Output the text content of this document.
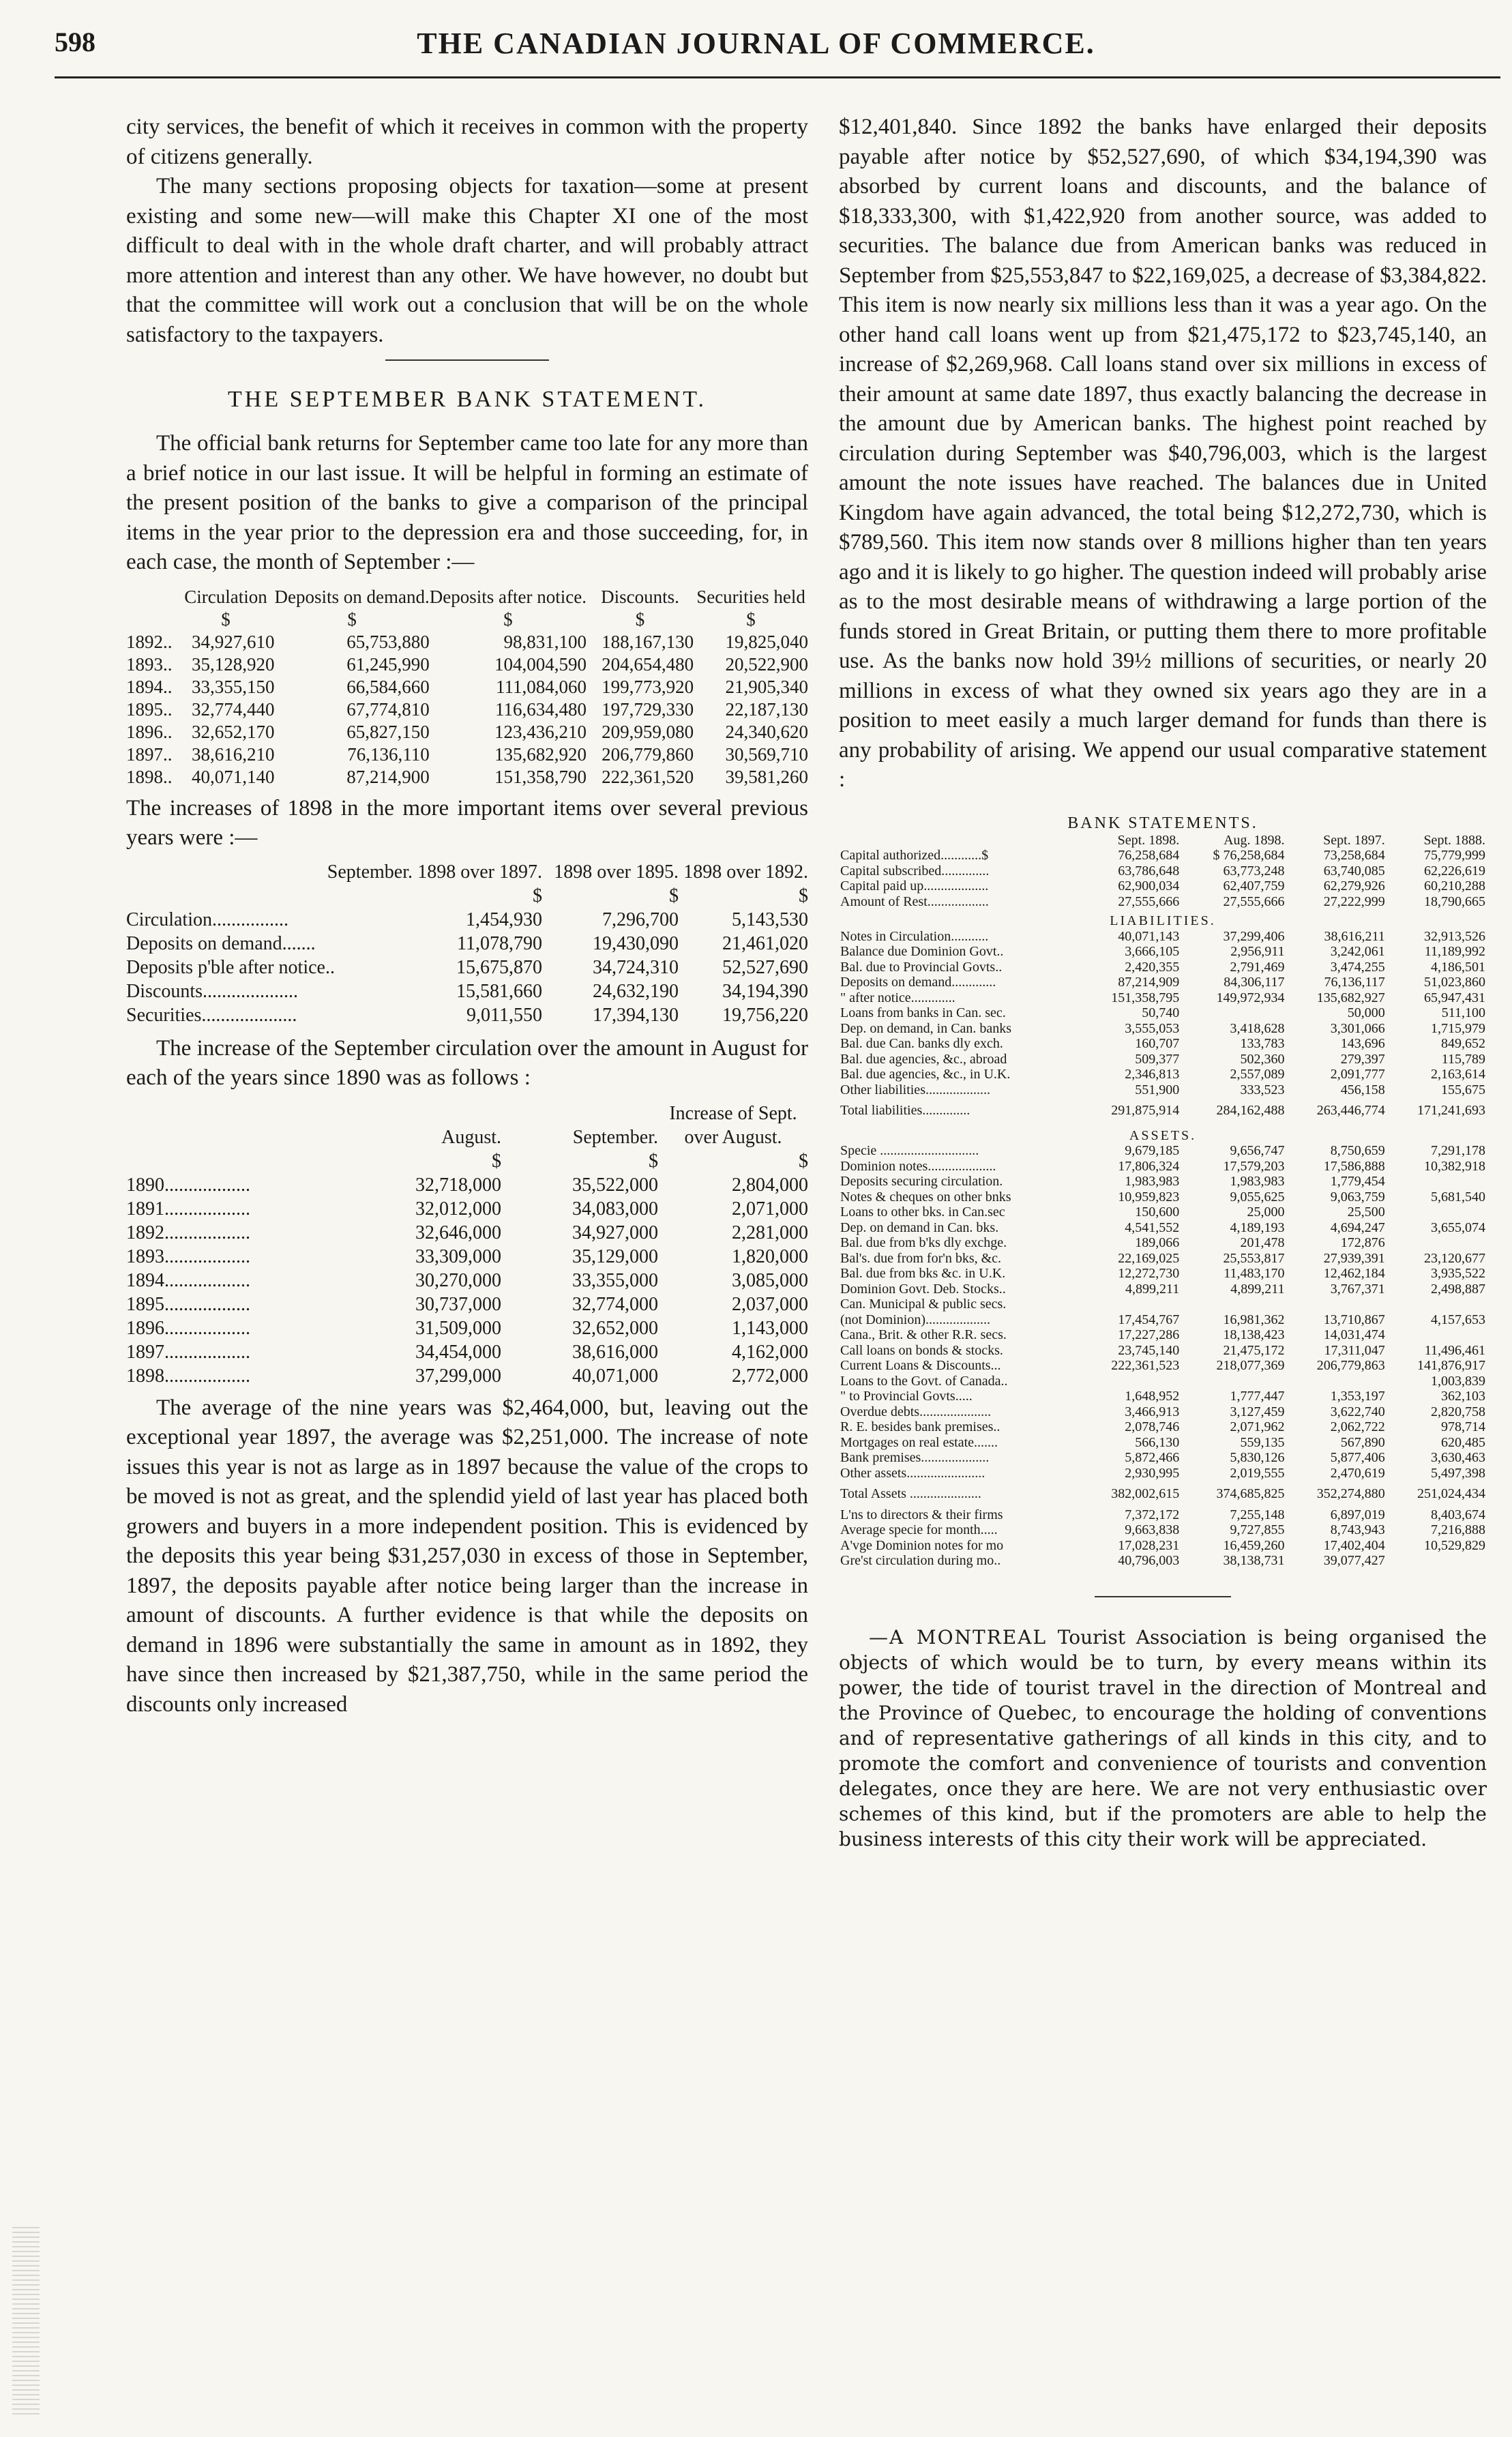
598	THE CANADIAN JOURNAL OF COMMERCE.

city services, the benefit of which it receives in common with the property of citizens generally.

The many sections proposing objects for taxation—some at present existing and some new—will make this Chapter XI one of the most difficult to deal with in the whole draft charter, and will probably attract more attention and interest than any other. We have however, no doubt but that the committee will work out a conclusion that will be on the whole satisfactory to the taxpayers.

THE SEPTEMBER BANK STATEMENT.

The official bank returns for September came too late for any more than a brief notice in our last issue. It will be helpful in forming an estimate of the present position of the banks to give a comparison of the principal items in the year prior to the depression era and those succeeding, for, in each case, the month of September :—

	Circulation	Deposits on demand.	Deposits after notice.	Discounts.	Securities held
	$	$	$	$	$
1892..	34,927,610	65,753,880	98,831,100	188,167,130	19,825,040
1893..	35,128,920	61,245,990	104,004,590	204,654,480	20,522,900
1894..	33,355,150	66,584,660	111,084,060	199,773,920	21,905,340
1895..	32,774,440	67,774,810	116,634,480	197,729,330	22,187,130
1896..	32,652,170	65,827,150	123,436,210	209,959,080	24,340,620
1897..	38,616,210	76,136,110	135,682,920	206,779,860	30,569,710
1898..	40,071,140	87,214,900	151,358,790	222,361,520	39,581,260

The increases of 1898 in the more important items over several previous years were :—

September.	1898 over 1897.	1898 over 1895.	1898 over 1892.
	$	$	$
Circulation................	1,454,930	7,296,700	5,143,530
Deposits on demand.......	11,078,790	19,430,090	21,461,020
Deposits p'ble after notice..	15,675,870	34,724,310	52,527,690
Discounts....................	15,581,660	24,632,190	34,194,390
Securities....................	9,011,550	17,394,130	19,756,220

The increase of the September circulation over the amount in August for each of the years since 1890 was as follows :

	August.	September.	Increase of Sept. over August.
	$	$	$
1890..................	32,718,000	35,522,000	2,804,000
1891..................	32,012,000	34,083,000	2,071,000
1892..................	32,646,000	34,927,000	2,281,000
1893..................	33,309,000	35,129,000	1,820,000
1894..................	30,270,000	33,355,000	3,085,000
1895..................	30,737,000	32,774,000	2,037,000
1896..................	31,509,000	32,652,000	1,143,000
1897..................	34,454,000	38,616,000	4,162,000
1898..................	37,299,000	40,071,000	2,772,000

The average of the nine years was $2,464,000, but, leaving out the exceptional year 1897, the average was $2,251,000. The increase of note issues this year is not as large as in 1897 because the value of the crops to be moved is not as great, and the splendid yield of last year has placed both growers and buyers in a more independent position. This is evidenced by the deposits this year being $31,257,030 in excess of those in September, 1897, the deposits payable after notice being larger than the increase in amount of discounts. A further evidence is that while the deposits on demand in 1896 were substantially the same in amount as in 1892, they have since then increased by $21,387,750, while in the same period the discounts only increased

$12,401,840. Since 1892 the banks have enlarged their deposits payable after notice by $52,527,690, of which $34,194,390 was absorbed by current loans and discounts, and the balance of $18,333,300, with $1,422,920 from another source, was added to securities. The balance due from American banks was reduced in September from $25,553,847 to $22,169,025, a decrease of $3,384,822. This item is now nearly six millions less than it was a year ago. On the other hand call loans went up from $21,475,172 to $23,745,140, an increase of $2,269,968. Call loans stand over six millions in excess of their amount at same date 1897, thus exactly balancing the decrease in the amount due by American banks. The highest point reached by circulation during September was $40,796,003, which is the largest amount the note issues have reached. The balances due in United Kingdom have again advanced, the total being $12,272,730, which is $789,560. This item now stands over 8 millions higher than ten years ago and it is likely to go higher. The question indeed will probably arise as to the most desirable means of withdrawing a large portion of the funds stored in Great Britain, or putting them there to more profitable use. As the banks now hold 39½ millions of securities, or nearly 20 millions in excess of what they owned six years ago they are in a position to meet easily a much larger demand for funds than there is any probability of arising. We append our usual comparative statement :

BANK STATEMENTS.
	Sept. 1898.	Aug. 1898.	Sept. 1897.	Sept. 1888.
Capital authorized............$	76,258,684	$ 76,258,684	73,258,684	75,779,999
Capital subscribed..............	63,786,648	63,773,248	63,740,085	62,226,619
Capital paid up...................	62,900,034	62,407,759	62,279,926	60,210,288
Amount of Rest..................	27,555,666	27,555,666	27,222,999	18,790,665
LIABILITIES.				
Notes in Circulation...........	40,071,143	37,299,406	38,616,211	32,913,526
Balance due Dominion Govt..	3,666,105	2,956,911	3,242,061	11,189,992
Bal. due to Provincial Govts..	2,420,355	2,791,469	3,474,255	4,186,501
Deposits on demand.............	87,214,909	84,306,117	76,136,117	51,023,860
" after notice.............	151,358,795	149,972,934	135,682,927	65,947,431
Loans from banks in Can. sec.	50,740		50,000	511,100
Dep. on demand, in Can. banks	3,555,053	3,418,628	3,301,066	1,715,979
Bal. due Can. banks dly exch.	160,707	133,783	143,696	849,652
Bal. due agencies, &c., abroad	509,377	502,360	279,397	115,789
Bal. due agencies, &c., in U.K.	2,346,813	2,557,089	2,091,777	2,163,614
Other liabilities...................	551,900	333,523	456,158	155,675
Total liabilities..............	291,875,914	284,162,488	263,446,774	171,241,693
ASSETS.				
Specie .............................	9,679,185	9,656,747	8,750,659	7,291,178
Dominion notes....................	17,806,324	17,579,203	17,586,888	10,382,918
Deposits securing circulation.	1,983,983	1,983,983	1,779,454	
Notes & cheques on other bnks	10,959,823	9,055,625	9,063,759	5,681,540
Loans to other bks. in Can.sec	150,600	25,000	25,500	
Dep. on demand in Can. bks.	4,541,552	4,189,193	4,694,247	3,655,074
Bal. due from b'ks dly exchge.	189,066	201,478	172,876	
Bal's. due from for'n bks, &c.	22,169,025	25,553,817	27,939,391	23,120,677
Bal. due from bks &c. in U.K.	12,272,730	11,483,170	12,462,184	3,935,522
Dominion Govt. Deb. Stocks..	4,899,211	4,899,211	3,767,371	2,498,887
Can. Municipal & public secs.				
(not Dominion)...................	17,454,767	16,981,362	13,710,867	4,157,653
Cana., Brit. & other R.R. secs.	17,227,286	18,138,423	14,031,474	
Call loans on bonds & stocks.	23,745,140	21,475,172	17,311,047	11,496,461
Current Loans & Discounts...	222,361,523	218,077,369	206,779,863	141,876,917
Loans to the Govt. of Canada..				1,003,839
" to Provincial Govts.....	1,648,952	1,777,447	1,353,197	362,103
Overdue debts.....................	3,466,913	3,127,459	3,622,740	2,820,758
R. E. besides bank premises..	2,078,746	2,071,962	2,062,722	978,714
Mortgages on real estate.......	566,130	559,135	567,890	620,485
Bank premises....................	5,872,466	5,830,126	5,877,406	3,630,463
Other assets.......................	2,930,995	2,019,555	2,470,619	5,497,398
Total Assets .....................	382,002,615	374,685,825	352,274,880	251,024,434
L'ns to directors & their firms	7,372,172	7,255,148	6,897,019	8,403,674
Average specie for month.....	9,663,838	9,727,855	8,743,943	7,216,888
A'vge Dominion notes for mo	17,028,231	16,459,260	17,402,404	10,529,829
Gre'st circulation during mo..	40,796,003	38,138,731	39,077,427	

—A MONTREAL Tourist Association is being organised the objects of which would be to turn, by every means within its power, the tide of tourist travel in the direction of Montreal and the Province of Quebec, to encourage the holding of conventions and of representative gatherings of all kinds in this city, and to promote the comfort and convenience of tourists and convention delegates, once they are here. We are not very enthusiastic over schemes of this kind, but if the promoters are able to help the business interests of this city their work will be appreciated.
